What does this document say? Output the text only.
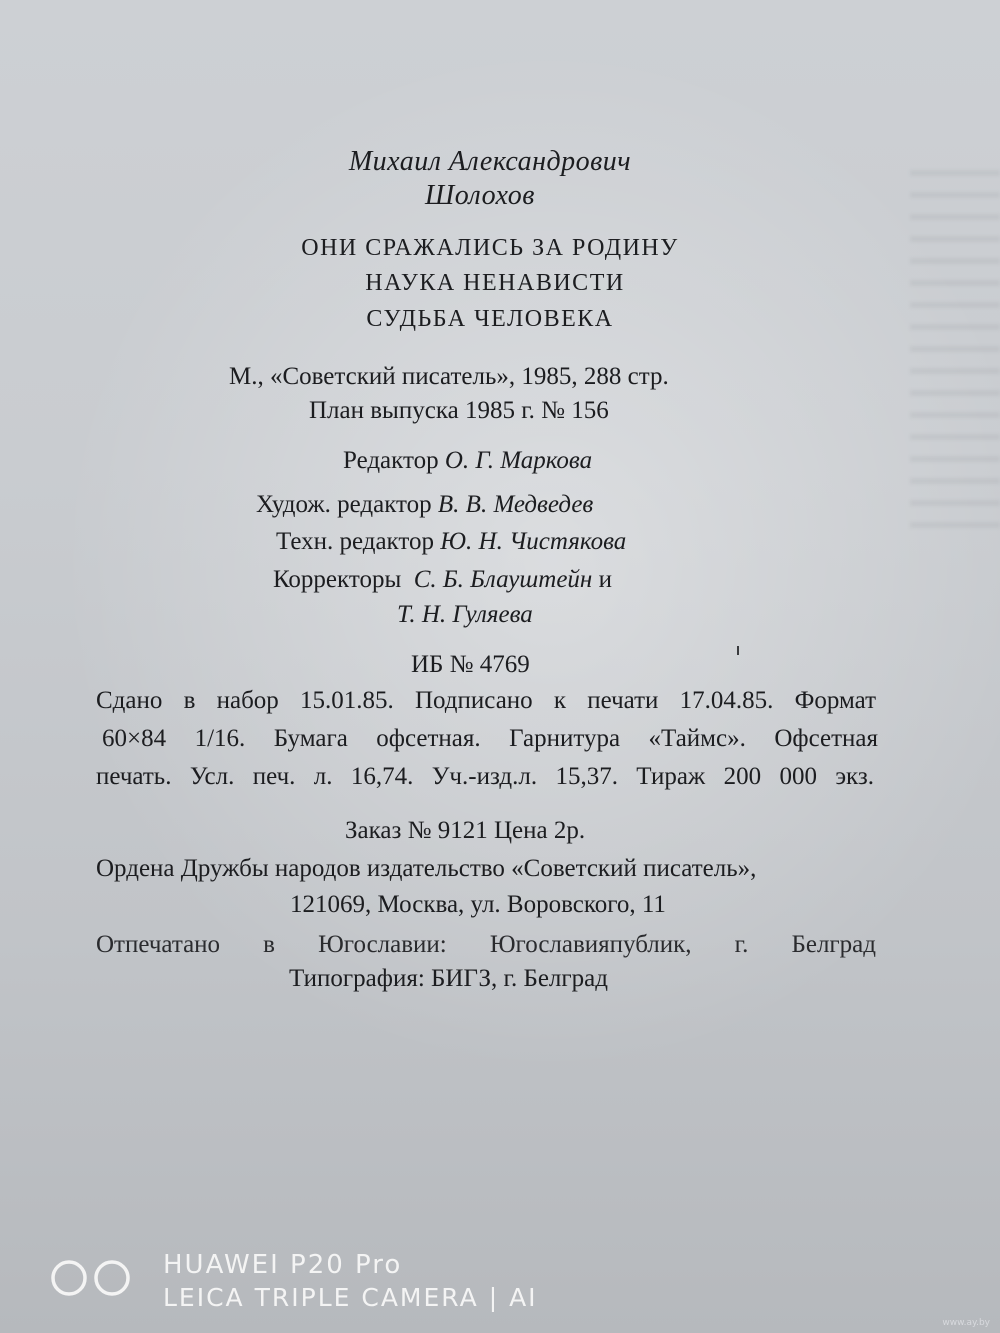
Михаил Александрович
Шолохов
ОНИ СРАЖАЛИСЬ ЗА РОДИНУ
НАУКА НЕНАВИСТИ
СУДЬБА ЧЕЛОВЕКА
М., «Советский писатель», 1985, 288 стр.
План выпуска 1985 г. № 156
Редактор О. Г. Маркова
Худож. редактор В. В. Медведев
Техн. редактор Ю. Н. Чистякова
Корректоры С. Б. Блауштейн и
Т. Н. Гуляева
ИБ № 4769
Сдано в набор 15.01.85. Подписано к печати 17.04.85. Формат
60×84 1/16. Бумага офсетная. Гарнитура «Таймс». Офсетная
печать. Усл. печ. л. 16,74. Уч.-изд.л. 15,37. Тираж 200 000 экз.
Заказ № 9121 Цена 2р.
Ордена Дружбы народов издательство «Советский писатель»,
121069, Москва, ул. Воровского, 11
Отпечатано в Югославии: Югославияпублик, г. Белград
Типография: БИГЗ, г. Белград
HUAWEI P20 Pro
LEICA TRIPLE CAMERA | AI
www.ay.by
